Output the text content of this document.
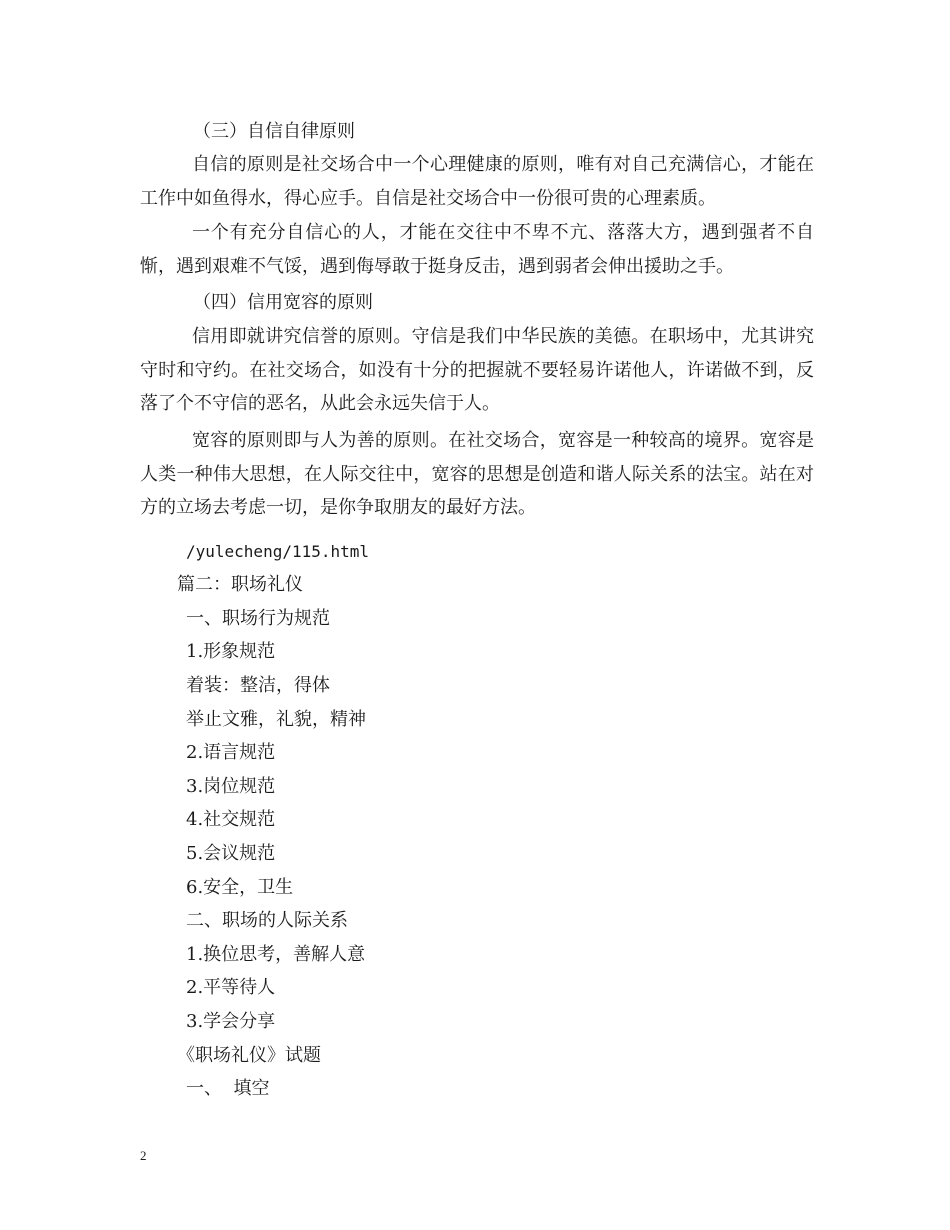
（三）自信自律原则
自信的原则是社交场合中一个心理健康的原则，唯有对自己充满信心，才能在工作中如鱼得水，得心应手。自信是社交场合中一份很可贵的心理素质。
一个有充分自信心的人，才能在交往中不卑不亢、落落大方，遇到强者不自惭，遇到艰难不气馁，遇到侮辱敢于挺身反击，遇到弱者会伸出援助之手。
（四）信用宽容的原则
信用即就讲究信誉的原则。守信是我们中华民族的美德。在职场中，尤其讲究守时和守约。在社交场合，如没有十分的把握就不要轻易许诺他人，许诺做不到，反落了个不守信的恶名，从此会永远失信于人。
宽容的原则即与人为善的原则。在社交场合，宽容是一种较高的境界。宽容是人类一种伟大思想，在人际交往中，宽容的思想是创造和谐人际关系的法宝。站在对方的立场去考虑一切，是你争取朋友的最好方法。
/yulecheng/115.html
篇二：职场礼仪
一、职场行为规范
1.形象规范
着装：整洁，得体
举止文雅，礼貌，精神
2.语言规范
3.岗位规范
4.社交规范
5.会议规范
6.安全，卫生
二、职场的人际关系
1.换位思考，善解人意
2.平等待人
3.学会分享
《职场礼仪》试题
一、  填空
2
